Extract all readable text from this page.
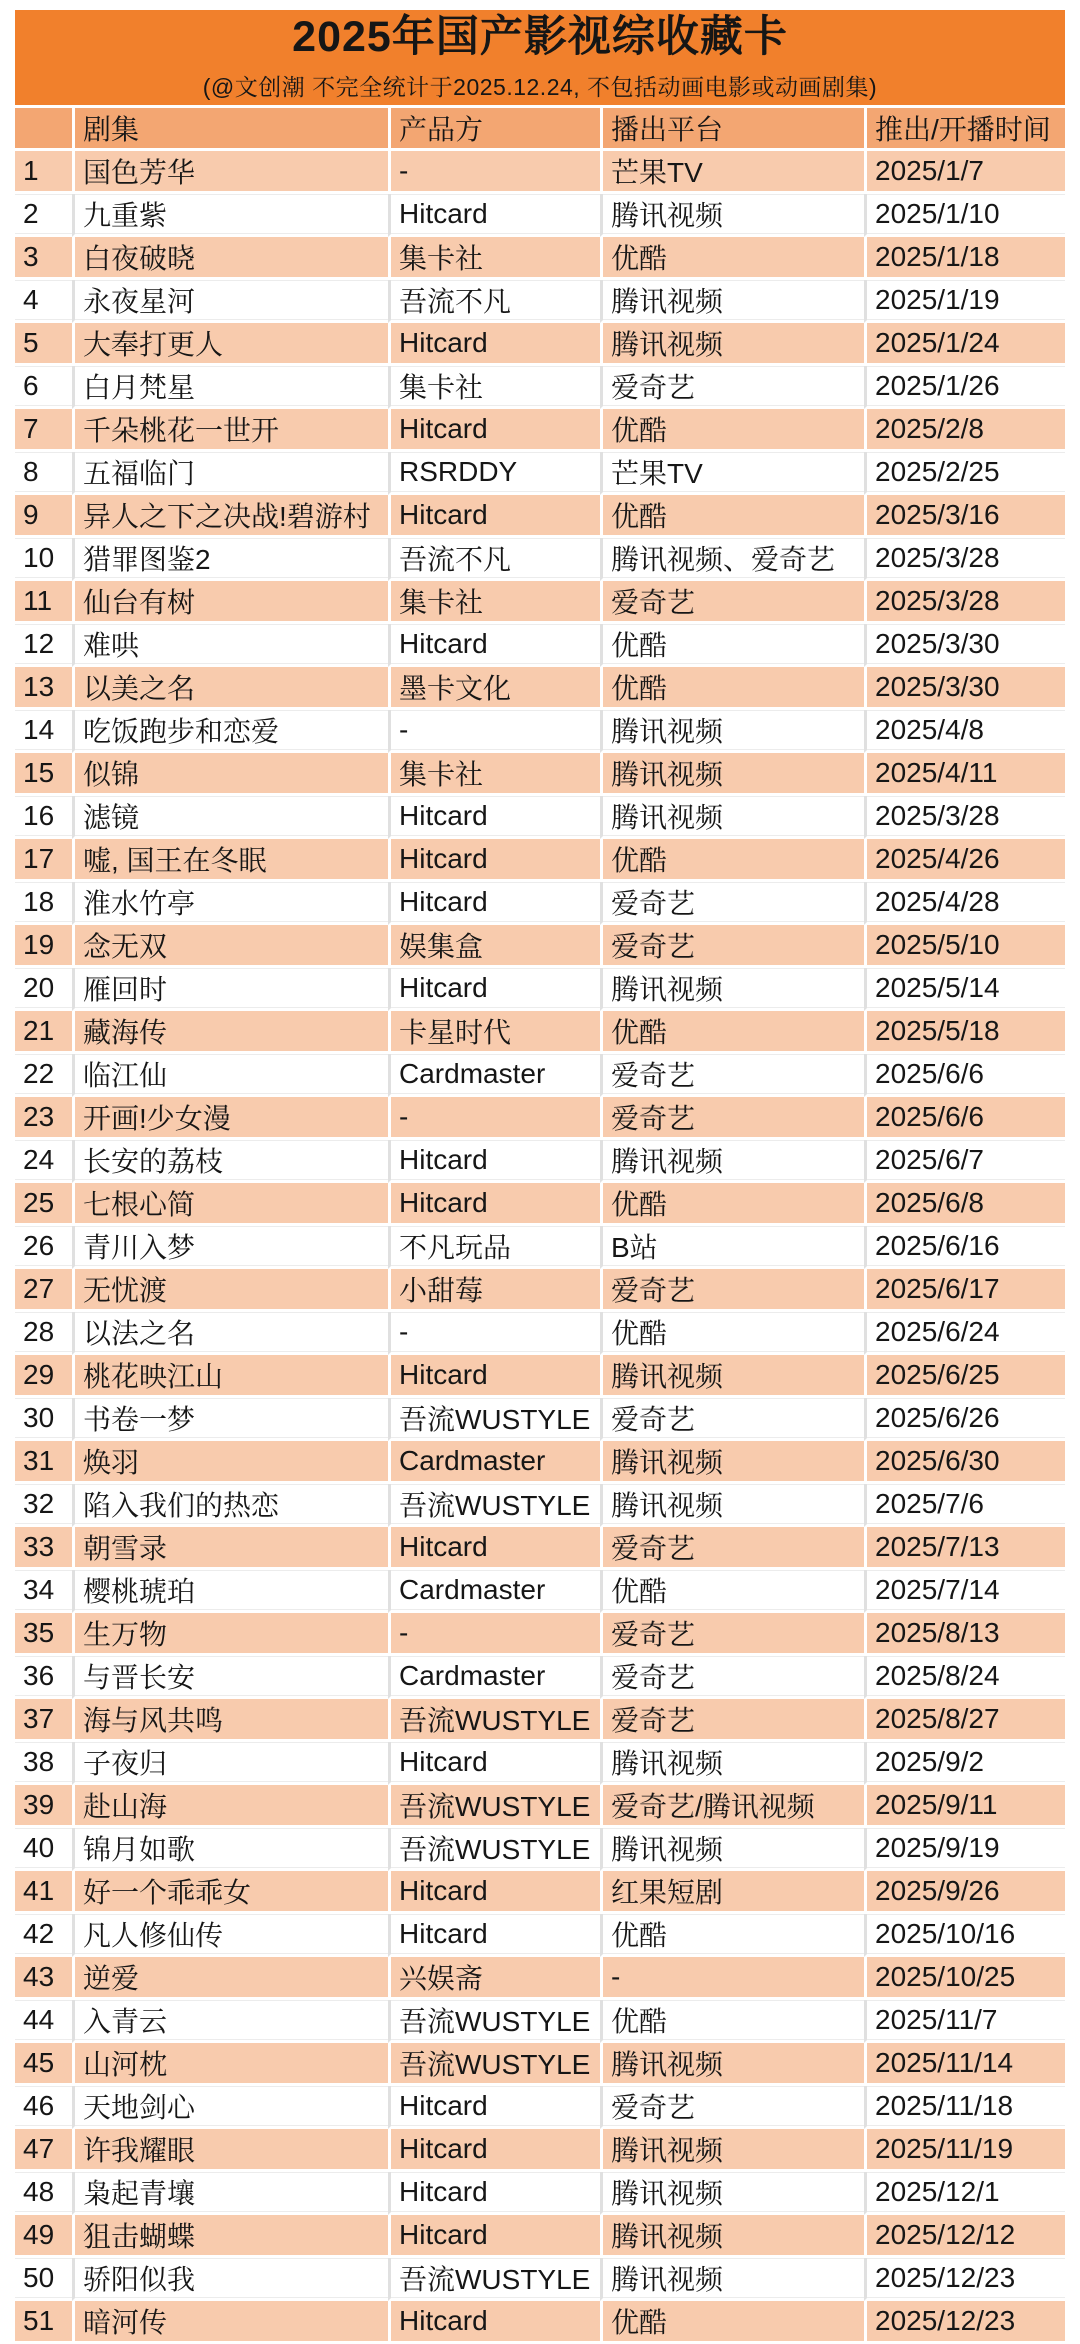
2025年国产影视综收藏卡
(@文创潮 不完全统计于2025.12.24, 不包括动画电影或动画剧集)
	剧集	产品方	播出平台	推出/开播时间
1	国色芳华	-	芒果TV	2025/1/7
2	九重紫	Hitcard	腾讯视频	2025/1/10
3	白夜破晓	集卡社	优酷	2025/1/18
4	永夜星河	吾流不凡	腾讯视频	2025/1/19
5	大奉打更人	Hitcard	腾讯视频	2025/1/24
6	白月梵星	集卡社	爱奇艺	2025/1/26
7	千朵桃花一世开	Hitcard	优酷	2025/2/8
8	五福临门	RSRDDY	芒果TV	2025/2/25
9	异人之下之决战!碧游村	Hitcard	优酷	2025/3/16
10	猎罪图鉴2	吾流不凡	腾讯视频、爱奇艺	2025/3/28
11	仙台有树	集卡社	爱奇艺	2025/3/28
12	难哄	Hitcard	优酷	2025/3/30
13	以美之名	墨卡文化	优酷	2025/3/30
14	吃饭跑步和恋爱	-	腾讯视频	2025/4/8
15	似锦	集卡社	腾讯视频	2025/4/11
16	滤镜	Hitcard	腾讯视频	2025/3/28
17	嘘, 国王在冬眠	Hitcard	优酷	2025/4/26
18	淮水竹亭	Hitcard	爱奇艺	2025/4/28
19	念无双	娱集盒	爱奇艺	2025/5/10
20	雁回时	Hitcard	腾讯视频	2025/5/14
21	藏海传	卡星时代	优酷	2025/5/18
22	临江仙	Cardmaster	爱奇艺	2025/6/6
23	开画!少女漫	-	爱奇艺	2025/6/6
24	长安的荔枝	Hitcard	腾讯视频	2025/6/7
25	七根心简	Hitcard	优酷	2025/6/8
26	青川入梦	不凡玩品	B站	2025/6/16
27	无忧渡	小甜莓	爱奇艺	2025/6/17
28	以法之名	-	优酷	2025/6/24
29	桃花映江山	Hitcard	腾讯视频	2025/6/25
30	书卷一梦	吾流WUSTYLE	爱奇艺	2025/6/26
31	焕羽	Cardmaster	腾讯视频	2025/6/30
32	陷入我们的热恋	吾流WUSTYLE	腾讯视频	2025/7/6
33	朝雪录	Hitcard	爱奇艺	2025/7/13
34	樱桃琥珀	Cardmaster	优酷	2025/7/14
35	生万物	-	爱奇艺	2025/8/13
36	与晋长安	Cardmaster	爱奇艺	2025/8/24
37	海与风共鸣	吾流WUSTYLE	爱奇艺	2025/8/27
38	子夜归	Hitcard	腾讯视频	2025/9/2
39	赴山海	吾流WUSTYLE	爱奇艺/腾讯视频	2025/9/11
40	锦月如歌	吾流WUSTYLE	腾讯视频	2025/9/19
41	好一个乖乖女	Hitcard	红果短剧	2025/9/26
42	凡人修仙传	Hitcard	优酷	2025/10/16
43	逆爱	兴娱斋	-	2025/10/25
44	入青云	吾流WUSTYLE	优酷	2025/11/7
45	山河枕	吾流WUSTYLE	腾讯视频	2025/11/14
46	天地剑心	Hitcard	爱奇艺	2025/11/18
47	许我耀眼	Hitcard	腾讯视频	2025/11/19
48	枭起青壤	Hitcard	腾讯视频	2025/12/1
49	狙击蝴蝶	Hitcard	腾讯视频	2025/12/12
50	骄阳似我	吾流WUSTYLE	腾讯视频	2025/12/23
51	暗河传	Hitcard	优酷	2025/12/23
